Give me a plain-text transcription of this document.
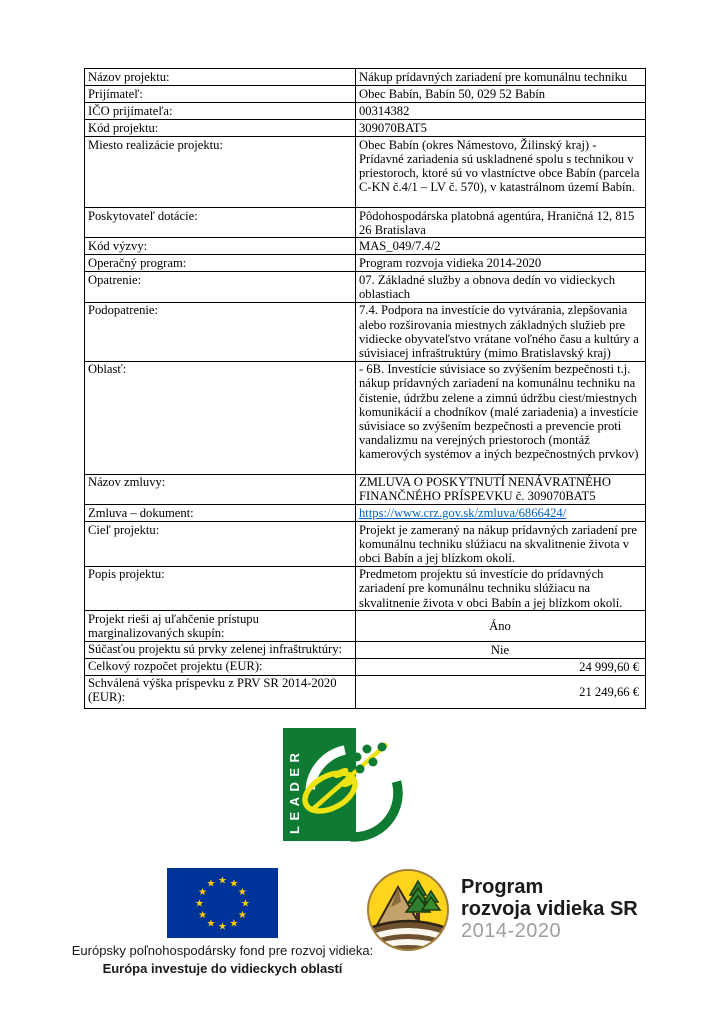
Názov projektu:	Nákup prídavných zariadení pre komunálnu techniku
Prijímateľ:	Obec Babín, Babín 50, 029 52 Babín
IČO prijímateľa:	00314382
Kód projektu:	309070BAT5
Miesto realizácie projektu:	Obec Babín (okres Námestovo, Žilinský kraj) - Prídavné zariadenia sú uskladnené spolu s technikou v priestoroch, ktoré sú vo vlastníctve obce Babín (parcela C-KN č.4/1 – LV č. 570), v katastrálnom území Babín.
Poskytovateľ dotácie:	Pôdohospodárska platobná agentúra, Hraničná 12, 815 26 Bratislava
Kód výzvy:	MAS_049/7.4/2
Operačný program:	Program rozvoja vidieka 2014-2020
Opatrenie:	07. Základné služby a obnova dedín vo vidieckych oblastiach
Podopatrenie:	7.4. Podpora na investície do vytvárania, zlepšovania alebo rozširovania miestnych základných služieb pre vidiecke obyvateľstvo vrátane voľného času a kultúry a súvisiacej infraštruktúry (mimo Bratislavský kraj)
Oblasť:	- 6B. Investície súvisiace so zvýšením bezpečnosti t.j. nákup prídavných zariadení na komunálnu techniku na čistenie, údržbu zelene a zimnú údržbu ciest/miestnych komunikácií a chodníkov (malé zariadenia) a investície súvisiace so zvýšením bezpečnosti a prevencie proti vandalizmu na verejných priestoroch (montáž kamerových systémov a iných bezpečnostných prvkov)
Názov zmluvy:	ZMLUVA O POSKYTNUTÍ NENÁVRATNÉHO FINANČNÉHO PRÍSPEVKU č. 309070BAT5
Zmluva – dokument:	https://www.crz.gov.sk/zmluva/6866424/
Cieľ projektu:	Projekt je zameraný na nákup prídavných zariadení pre komunálnu techniku slúžiacu na skvalitnenie života v obci Babín a jej blízkom okolí.
Popis projektu:	Predmetom projektu sú investície do prídavných zariadení pre komunálnu techniku slúžiacu na skvalitnenie života v obci Babín a jej blízkom okolí.
Projekt rieši aj uľahčenie prístupu marginalizovaných skupín:	Áno
Súčasťou projektu sú prvky zelenej infraštruktúry:	Nie
Celkový rozpočet projektu (EUR):	24 999,60 €
Schválená výška príspevku z PRV SR 2014-2020 (EUR):	21 249,66 €
LEADER
★ ★
★
★
★
★
★
★
★
★
★
★
Európsky poľnohospodársky fond pre rozvoj vidieka:
Európa investuje do vidieckych oblastí
Program
rozvoja vidieka SR
2014-2020
